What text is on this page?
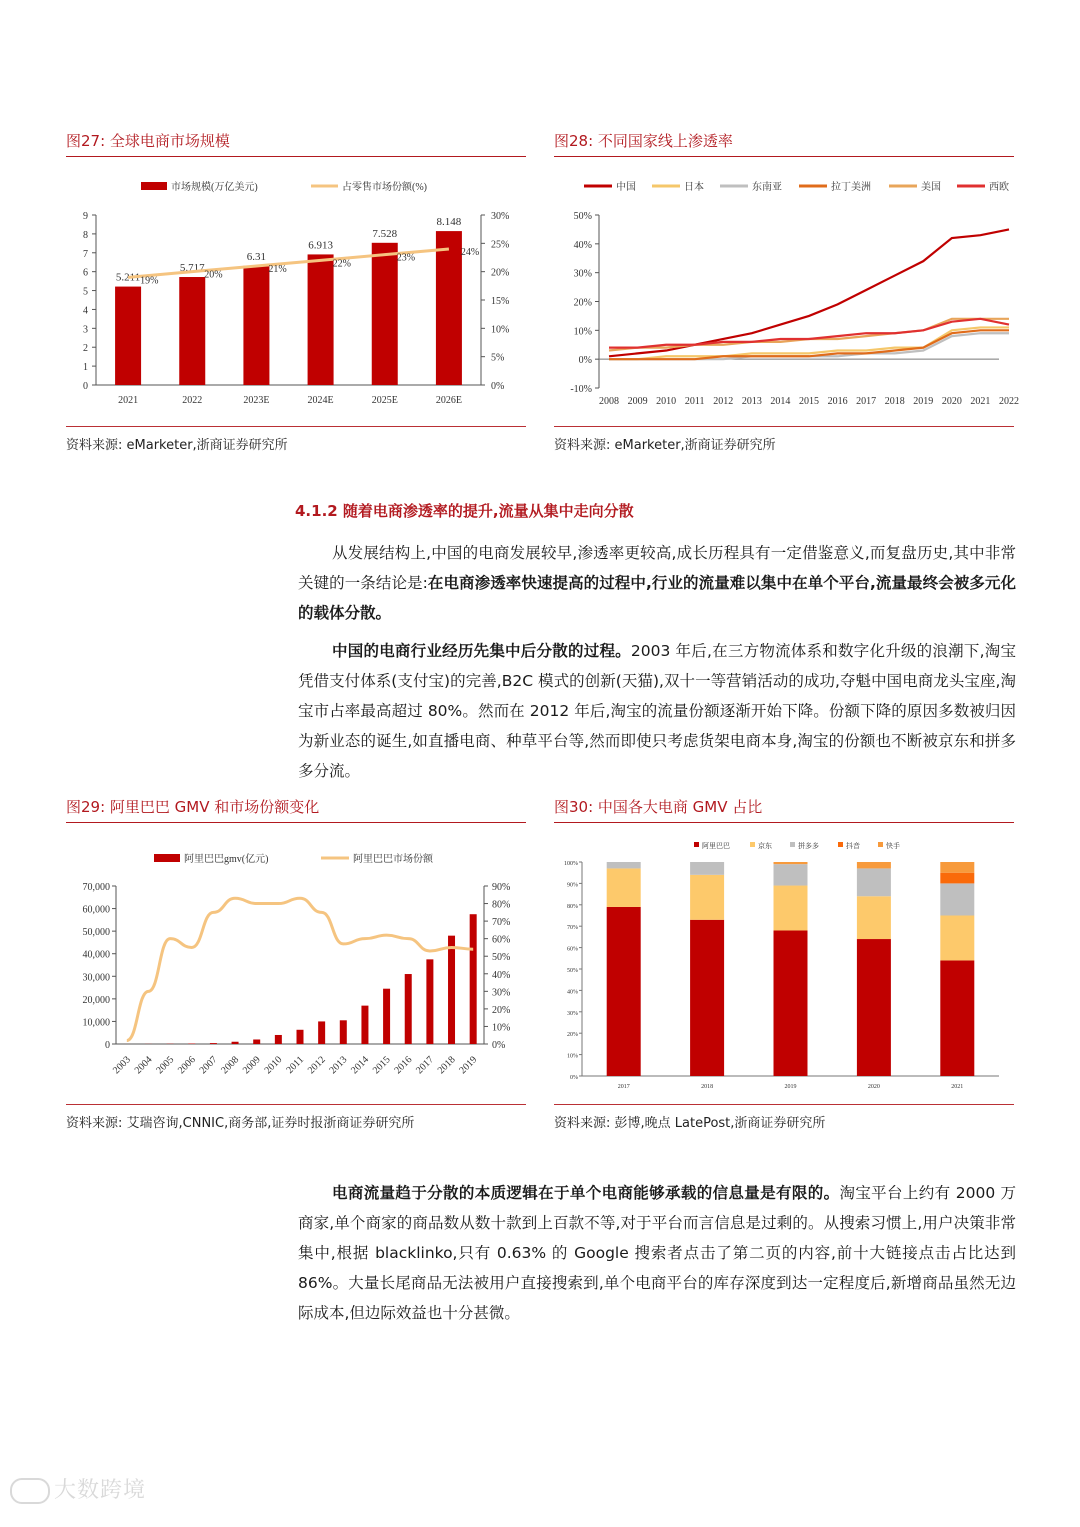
图27: 全球电商市场规模
市场规模(万亿美元)	占零售市场份额(%)
0
1
2
3
4
5
6
7
8
9
0%
5%
10%
15%
20%
25%
30%
5.211
2021
5.717
2022
6.31
2023E
6.913
2024E
7.528
2025E
8.148
2026E
19%
20%
21%
22%
23%
24%
资料来源: eMarketer,浙商证券研究所
图28: 不同国家线上渗透率
中国	日本	东南亚	拉丁美洲	美国	西欧
-10%
0%
10%
20%
30%
40%
50%
2008 2009 2010 2011 2012 2013 2014 2015 2016 2017 2018 2019 2020 2021 2022
资料来源: eMarketer,浙商证券研究所
4.1.2 随着电商渗透率的提升,流量从集中走向分散

从发展结构上,中国的电商发展较早,渗透率更较高,成长历程具有一定借鉴意义,而复盘历史,其中非常关键的一条结论是:在电商渗透率快速提高的过程中,行业的流量难以集中在单个平台,流量最终会被多元化的载体分散。

中国的电商行业经历先集中后分散的过程。2003 年后,在三方物流体系和数字化升级的浪潮下,淘宝凭借支付体系(支付宝)的完善,B2C 模式的创新(天猫),双十一等营销活动的成功,夺魁中国电商龙头宝座,淘宝市占率最高超过 80%。然而在 2012 年后,淘宝的流量份额逐渐开始下降。份额下降的原因多数被归因为新业态的诞生,如直播电商、种草平台等,然而即使只考虑货架电商本身,淘宝的份额也不断被京东和拼多多分流。

图29: 阿里巴巴 GMV 和市场份额变化
阿里巴巴gmv(亿元)	阿里巴巴市场份额
0
10,000
20,000
30,000
40,000
50,000
60,000
70,000
0%
10%
20%
30%
40%
50%
60%
70%
80%
90%
2003 2004 2005 2006 2007 2008 2009 2010 2011 2012 2013 2014 2015 2016 2017 2018 2019
资料来源: 艾瑞咨询,CNNIC,商务部,证券时报浙商证券研究所
图30: 中国各大电商 GMV 占比
阿里巴巴	京东	拼多多	抖音	快手
0%
10%
20%
30%
40%
50%
60%
70%
80%
90%
100%
2017	2018	2019	2020	2021
资料来源: 彭博,晚点 LatePost,浙商证券研究所

电商流量趋于分散的本质逻辑在于单个电商能够承载的信息量是有限的。淘宝平台上约有 2000 万商家,单个商家的商品数从数十款到上百款不等,对于平台而言信息是过剩的。从搜索习惯上,用户决策非常集中,根据 blacklinko,只有 0.63% 的 Google 搜索者点击了第二页的内容,前十大链接点击占比达到 86%。大量长尾商品无法被用户直接搜索到,单个电商平台的库存深度到达一定程度后,新增商品虽然无边际成本,但边际效益也十分甚微。

大数跨境
